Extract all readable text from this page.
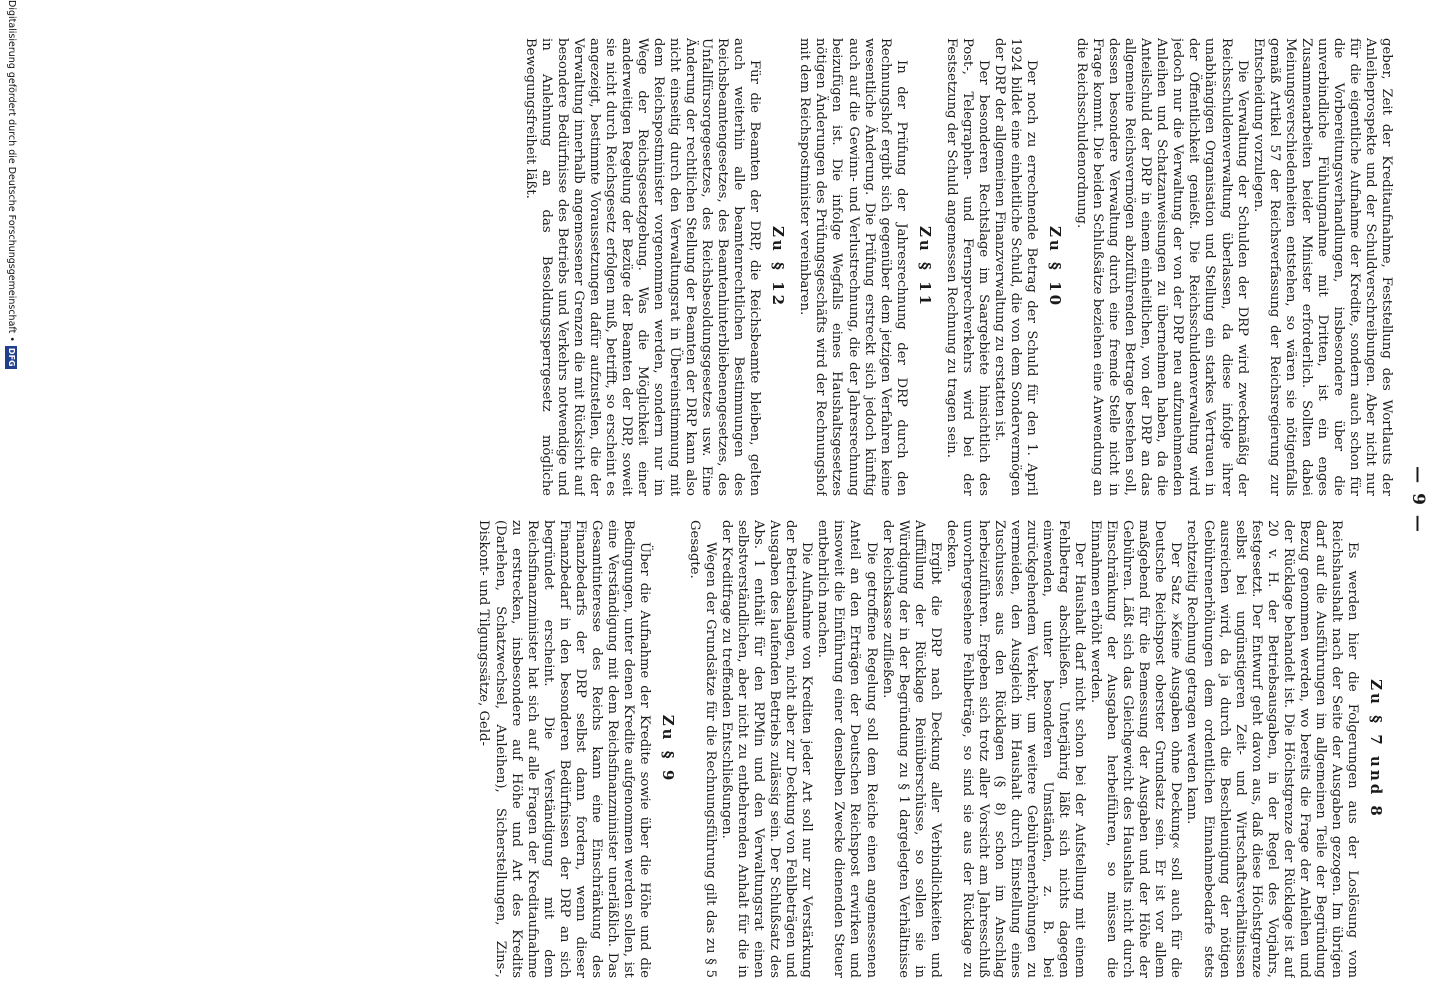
— 9 —

geber, Zeit der Kreditaufnahme, Feststellung des Wortlauts der Anleiheprospekte und der Schuldverschreibungen. Aber nicht nur für die eigentliche Aufnahme der Kredite, sondern auch schon für die Vorbereitungsverhandlungen, insbesondere über die unverbindliche Fühlungnahme mit Dritten, ist ein enges Zusammenarbeiten beider Minister erforderlich. Sollten dabei Meinungsverschiedenheiten entstehen, so wären sie nötigenfalls gemäß Artikel 57 der Reichsverfassung der Reichsregierung zur Entscheidung vorzulegen.

Die Verwaltung der Schulden der DRP wird zweckmäßig der Reichsschuldenverwaltung überlassen, da diese infolge ihrer unabhängigen Organisation und Stellung ein starkes Vertrauen in der Öffentlichkeit genießt. Die Reichsschuldenverwaltung wird jedoch nur die Verwaltung der von der DRP neu aufzunehmenden Anleihen und Schatzanweisungen zu übernehmen haben, da die Anteilschuld der DRP in einem einheitlichen, von der DRP an das allgemeine Reichsvermögen abzuführenden Betrage bestehen soll, dessen besondere Verwaltung durch eine fremde Stelle nicht in Frage kommt. Die beiden Schlußsätze beziehen eine Anwendung an die Reichsschuldenordnung.

Zu § 10

Der noch zu errechnende Betrag der Schuld für den 1. April 1924 bildet eine einheitliche Schuld, die von dem Sondervermögen der DRP der allgemeinen Finanzverwaltung zu erstatten ist.

Der besonderen Rechtslage im Saargebiete hinsichtlich des Post-, Telegraphen- und Fernsprechverkehrs wird bei der Festsetzung der Schuld angemessen Rechnung zu tragen sein.

Zu § 11

In der Prüfung der Jahresrechnung der DRP durch den Rechnungshof ergibt sich gegenüber dem jetzigen Verfahren keine wesentliche Änderung. Die Prüfung erstreckt sich jedoch künftig auch auf die Gewinn- und Verlustrechnung, die der Jahresrechnung beizufügen ist. Die infolge Wegfalls eines Haushaltsgesetzes nötigen Änderungen des Prüfungsgeschäfts wird der Rechnungshof mit dem Reichspostminister vereinbaren.

Zu § 12

Für die Beamten der DRP, die Reichsbeamte bleiben, gelten auch weiterhin alle beamtenrechtlichen Bestimmungen des Reichsbeamtengesetzes, des Beamtenhinterbliebenengesetzes, des Unfallfürsorgegesetzes, des Reichsbesoldungsgesetzes usw. Eine Änderung der rechtlichen Stellung der Beamten der DRP kann also nicht einseitig durch den Verwaltungsrat in Übereinstimmung mit dem Reichspostminister vorgenommen werden, sondern nur im Wege der Reichsgesetzgebung. Was die Möglichkeit einer anderweitigen Regelung der Bezüge der Beamten der DRP, soweit sie nicht durch Reichsgesetz erfolgen muß, betrifft, so erscheint es angezeigt, bestimmte Voraussetzungen dafür aufzustellen, die der Verwaltung innerhalb angemessener Grenzen die mit Rücksicht auf besondere Bedürfnisse des Betriebs und Verkehrs notwendige und in Anlehnung an das Besoldungssperrgesetz mögliche Bewegungsfreiheit läßt.

Zu § 7 und 8

Es werden hier die Folgerungen aus der Loslösung vom Reichshaushalt nach der Seite der Ausgaben gezogen. Im übrigen darf auf die Ausführungen im allgemeinen Teile der Begründung Bezug genommen werden, wo bereits die Frage der Anleihen und der Rücklage behandelt ist. Die Höchstgrenze der Rücklage ist auf 20 v. H. der Betriebsausgaben, in der Regel des Vorjahrs, festgesetzt. Der Entwurf geht davon aus, daß diese Höchstgrenze selbst bei ungünstigeren Zeit- und Wirtschaftsverhältnissen ausreichen wird, da ja durch die Beschleunigung der nötigen Gebührenerhöhungen dem ordentlichen Einnahmebedarfe stets rechtzeitig Rechnung getragen werden kann.

Der Satz »Keine Ausgaben ohne Deckung« soll auch für die Deutsche Reichspost oberster Grundsatz sein. Er ist vor allem maßgebend für die Bemessung der Ausgaben und der Höhe der Gebühren. Läßt sich das Gleichgewicht des Haushalts nicht durch Einschränkung der Ausgaben herbeiführen, so müssen die Einnahmen erhöht werden.

Der Haushalt darf nicht schon bei der Aufstellung mit einem Fehlbetrag abschließen. Unterjährig läßt sich nichts dagegen einwenden, unter besonderen Umständen, z. B. bei zurückgehendem Verkehr, um weitere Gebührenerhöhungen zu vermeiden, den Ausgleich im Haushalt durch Einstellung eines Zuschusses aus den Rücklagen (§ 8) schon im Anschlag herbeizuführen. Ergeben sich trotz aller Vorsicht am Jahresschluß unvorhergesehene Fehlbeträge, so sind sie aus der Rücklage zu decken.

Ergibt die DRP nach Deckung aller Verbindlichkeiten und Auffüllung der Rücklage Reinüberschüsse, so sollen sie in Würdigung der in der Begründung zu § 1 dargelegten Verhältnisse der Reichskasse zufließen.

Die getroffene Regelung soll dem Reiche einen angemessenen Anteil an den Erträgen der Deutschen Reichspost erwirken und insoweit die Einführung einer denselben Zwecke dienenden Steuer entbehrlich machen.

Die Aufnahme von Krediten jeder Art soll nur zur Verstärkung der Betriebsanlagen, nicht aber zur Deckung von Fehlbeträgen und Ausgaben des laufenden Betriebs zulässig sein. Der Schlußsatz des Abs. 1 enthält für den RPMin und den Verwaltungsrat einen selbstverständlichen, aber nicht zu entbehrenden Anhalt für die in der Kreditfrage zu treffenden Entschließungen.

Wegen der Grundsätze für die Rechnungsführung gilt das zu § 5 Gesagte.

Zu § 9

Über die Aufnahme der Kredite sowie über die Höhe und die Bedingungen, unter denen Kredite aufgenommen werden sollen, ist eine Verständigung mit dem Reichsfinanzminister unerläßlich. Das Gesamtinteresse des Reichs kann eine Einschränkung des Finanzbedarfs der DRP selbst dann fordern, wenn dieser Finanzbedarf in den besonderen Bedürfnissen der DRP an sich begründet erscheint. Die Verständigung mit dem Reichsfinanzminister hat sich auf alle Fragen der Kreditaufnahme zu erstrecken, insbesondere auf Höhe und Art des Kredits (Darlehen, Schatzwechsel, Anleihen), Sicherstellungen, Zins-, Diskont- und Tilgungssätze, Geld-

Digitalisierung gefördert durch die Deutsche Forschungsgemeinschaft •DFG
